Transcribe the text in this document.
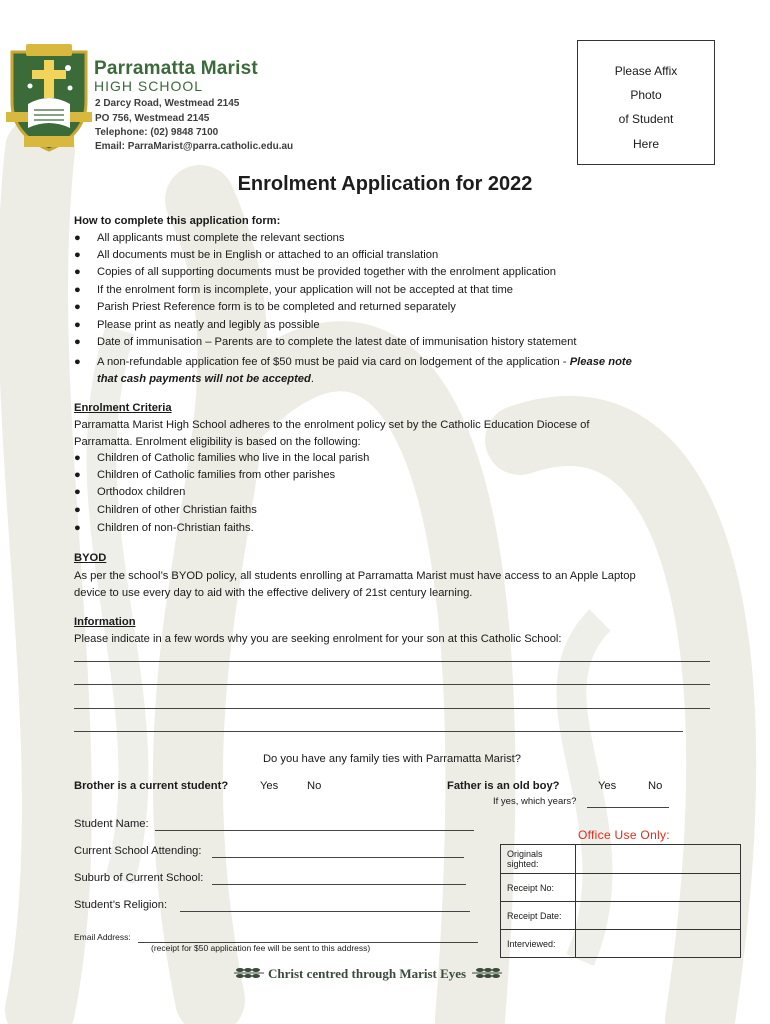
Parramatta Marist
HIGH SCHOOL
2 Darcy Road, Westmead 2145
PO 756, Westmead 2145
Telephone: (02) 9848 7100
Email: ParraMarist@parra.catholic.edu.au
Please Affix
Photo
of Student
Here
Enrolment Application for 2022
How to complete this application form:
● All applicants must complete the relevant sections
● All documents must be in English or attached to an official translation
● Copies of all supporting documents must be provided together with the enrolment application
● If the enrolment form is incomplete, your application will not be accepted at that time
● Parish Priest Reference form is to be completed and returned separately
● Please print as neatly and legibly as possible
● Date of immunisation – Parents are to complete the latest date of immunisation history statement
● A non-refundable application fee of $50 must be paid via card on lodgement of the application - Please note
that cash payments will not be accepted.
Enrolment Criteria
Parramatta Marist High School adheres to the enrolment policy set by the Catholic Education Diocese of
Parramatta. Enrolment eligibility is based on the following:
● Children of Catholic families who live in the local parish
● Children of Catholic families from other parishes
● Orthodox children
● Children of other Christian faiths
● Children of non-Christian faiths.
BYOD
As per the school’s BYOD policy, all students enrolling at Parramatta Marist must have access to an Apple Laptop
device to use every day to aid with the effective delivery of 21st century learning.
Information
Please indicate in a few words why you are seeking enrolment for your son at this Catholic School:
Do you have any family ties with Parramatta Marist?
Brother is a current student?	Yes	No	Father is an old boy?	Yes	No
If yes, which years?
Student Name:
Current School Attending:
Suburb of Current School:
Student’s Religion:
Email Address:
(receipt for $50 application fee will be sent to this address)
Office Use Only:
Originals
sighted:	
Receipt No:	
Receipt Date:	
Interviewed:	
Christ centred through Marist Eyes
